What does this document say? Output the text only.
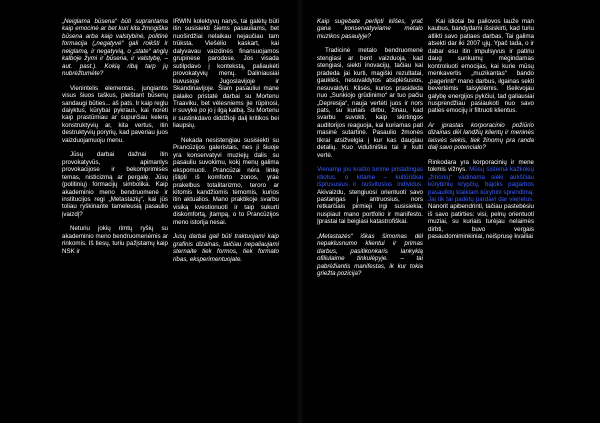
„Neiglama būsena“ būti suprantama kaip emocinė ar bet kuri kita žmogiška būsena arba kaip valstybinė, politinė formacija („negatyvė“ gali roikšti ir neiglamą, ir negatyvią, o „state“ anglų kalboje žymi ir būsena, ir valstybę, – aut. past.). Kokią ribą tarp jų nubrėžtumėte?

Vienintelis elementas, jungiantis visus šiuos taškus, pleištant būsenų sandaugi būties... aš pats. Ir kaip reglu daiyktus, kūrybai pykraus, kai norėti kaip prastūmiau ar supurčiau kelerą konstruktyvių ar, kita vertus, itin destruktyvių poryrių, kad paveriau juos vaizduojamuoju menu.

Jūsų darbai dažnai itin provokatyvūs, apimanlys provokacijose ir bekomprimises temas, nisticizmą ar pergalę. Jūsų (politinių) formacijų simbolika. Kaip akademinio meno bendruomenė ir institucijos regi „Metastazių“, kai jūs toliau ryškinante tameleusią pasaulio įvaizdį?

Neturiu jokių rimtų ryšių su akademinio meno bendruomenėmis ar rinkomis. Iš tiesų, turiu pažįstamų kaip NSK ir

IRWIN kolektyvų narys, tai galėtų būti itin susisiekti šiems pasauliams, bet nuoširdžiai nelaikau nejaučiau tam trūksta. Viešėlio kaskart, kai dalyvavau vaizdinės finansuojamos grupinėse parodose. Jos visada sutilpdavo į kontekstą, paliaukėti provokatyvių menų. Daliniausiai buvusioje Jugoslavijoje ir Skandinavijoje. Šiam pasauliui mane palaiko pristatė darbai su Mortenu Traaviku, bet vėlesniems jie rūpinosi, ir suvykė po jo į ilgą kalbą. Su Mortenu ir sustinkdavo diddžioji dalį kritikos bei liaupsių.

Nekada nesistengiau susisiekti su Prancūzijos galeristais, nes ji šiuoje yra konservatyvi muziejų dalis su pasauliu suvokimu, kokį menų galima ekspomuoti. Prancūzai nėra linkę įšlipti iš komforto zonos, yrae prakelbus totalitarizmo, teroro ar kitomis kandžiomis temomis, kurios itin aktualios. Mano praktikoje svarbu visiką kvestionuoti ir taip sukurti diskomfortą, jtampą, o to Prancūzijos meno istorija nesai.

Jusų darbai gali būti traktuojami kaip grafinis dizainas, taičiau nepaliaujami sternaite tiek formos, tiek formato ribas, eksperimentuojate.

Kaip sugebate perlipti klišes, yrač gana konservatyviame metalo muzikos pasaulyje?

Tradicinė metalo bendruomenė stengiasi ar bent vaizduoja, kad stengiasi, siekti inovacijų, tačiau kai pradeda jai kurti, magiški rezultatai, gauklės, nesuvaldytos atsiplėšusios, nesuvaldyti. Klisės, kurios prasideda nuo „Sunkiojo grūdinimo“ ar tuo pačiu „Depresija“, nauja vertėti juos ir nors pats, su kuriais dirbu, žinau, kad svarbu suvokti, kaip skirtingos auditorijos reaguoja, kai kuriamas pati masinė sutartinė. Pasaulio žmonės tikrai atsižvelgia į kur kas daugiau detalių. Kuo vidutiniška tai ir kulti vertė.

Vienamp jos krašto turime pristatingas idiotus, o kitame – kultūriškai išprususius ir nušvitusius individus. Akivaizdu, stengiuosi orientuoti savo pastangas į antruosius, nors retkarčiais pirmieji irgi susisiekia, nuspiaut mano portfolio ir manifesto. Įprastai tai beigiasi katastrofiškai.

„Metastazės“ iškas šimomas dėl nepaklusnumo klientui ir primas darbus, pasitikonkaris lankyklą ofiliulaime tinkulėpyje. – tai pabrėžiantis manifestas, ik kur tokia griežta pozicija?

Kai idiotai be paliovos lauže man kaubus, bandydami išsiskirti, kad turiu atlikti savo patiaes darbas. Tai galima atsekti dar iki 2007 ųjų. Ypač tada, o ir dabar esu itin impulsyvus ir patiriu daug sunkumų mėgindamas kontroliuoti emocijas, kai kurie mūsų menkavertis „muzikantas“ bando „pagerinti“ mano darbus, ilgainas sekti bevertėmis taisyklėmis. Išeikvojau galybę energijos pykčiui, tad galiausiai nusprendžiau pasiaukoti nuo savo paties emocijų ir filtruoti klientus.

Ar jprastas korporacinio požiūrio dizainas dėl landžių klientų ir meninės laisvės siekis, tiek žinomų pra randa dalį savo potencialo?

Rinkodara yra korporacinių ir mene tokmis vižnys. Mūsų sistema kažkokių „žmonių“ vadinama sieki aukščiau kūrybinių krypčių, bajoks pagarbos pasaulktų klaikiam kūrybini sprendimą. Jai tik tai padėtų pardavi dar vienetus. Nanorit apibendrinti, tačiau pastebėsiu iš savo patirties: visi, pelnų orientuoti muziai, su kuriais turėjau nelaimės dirbti, buvo vergais pasaudomiminkiniai, neišprusę kvailiai
